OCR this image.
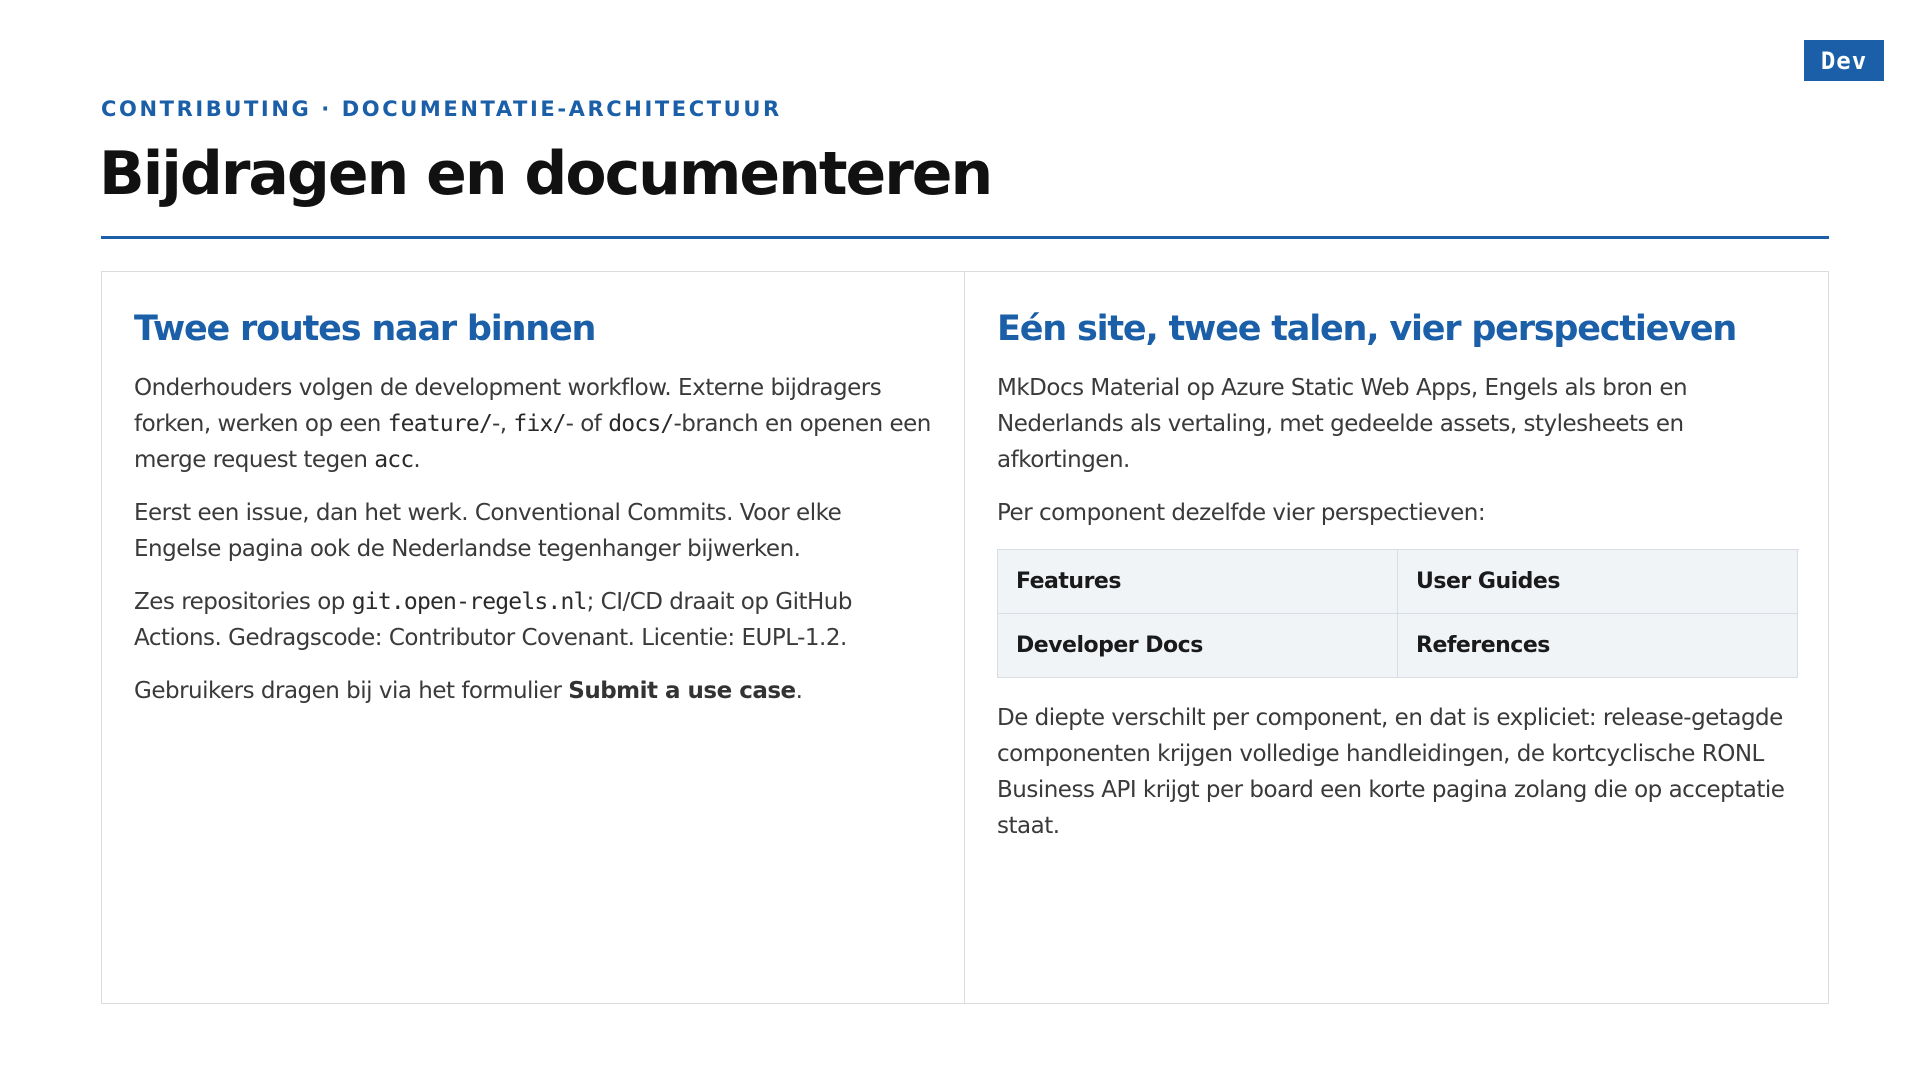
Dev
CONTRIBUTING · DOCUMENTATIE-ARCHITECTUUR
Bijdragen en documenteren
Twee routes naar binnen

Onderhouders volgen de development workflow. Externe bijdragers forken, werken op een feature/-, fix/- of docs/-branch en openen een merge request tegen acc.

Eerst een issue, dan het werk. Conventional Commits. Voor elke Engelse pagina ook de Nederlandse tegenhanger bijwerken.

Zes repositories op git.open-regels.nl; CI/CD draait op GitHub Actions. Gedragscode: Contributor Covenant. Licentie: EUPL-1.2.

Gebruikers dragen bij via het formulier Submit a use case.

Eén site, twee talen, vier perspectieven

MkDocs Material op Azure Static Web Apps, Engels als bron en Nederlands als vertaling, met gedeelde assets, stylesheets en afkortingen.

Per component dezelfde vier perspectieven:

Features	User Guides
Developer Docs	References

De diepte verschilt per component, en dat is expliciet: release-getagde componenten krijgen volledige handleidingen, de kortcyclische RONL Business API krijgt per board een korte pagina zolang die op acceptatie staat.
